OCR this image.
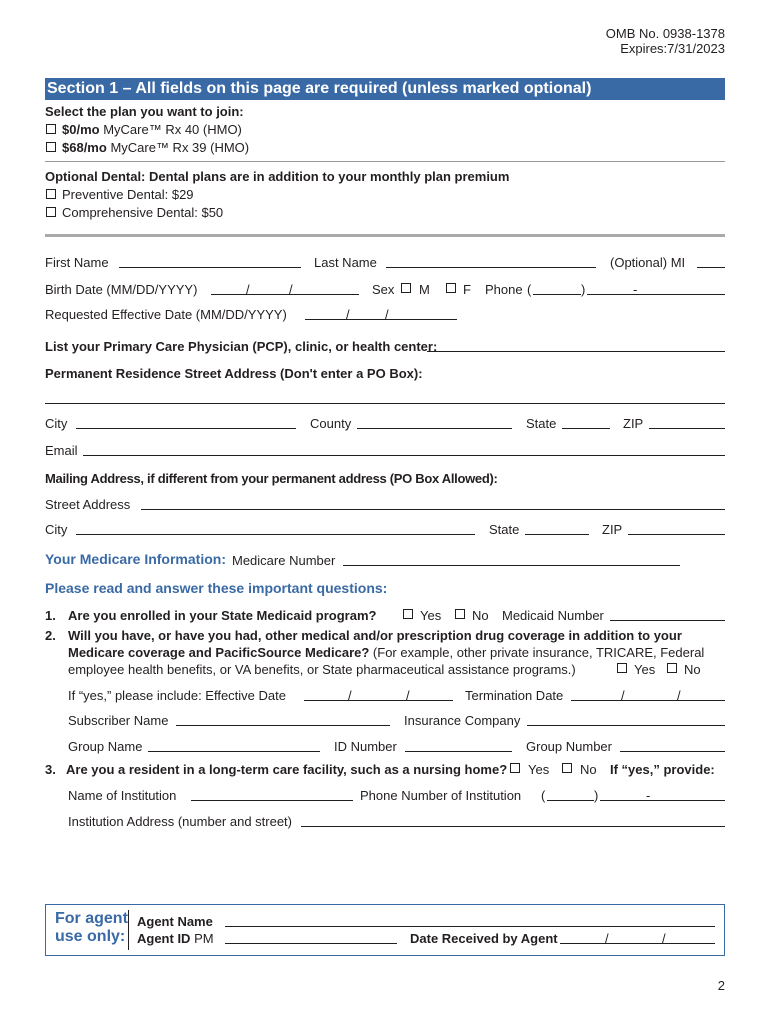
OMB No. 0938-1378
Expires:7/31/2023
Section 1 – All fields on this page are required (unless marked optional)
Select the plan you want to join:
$0/mo MyCare™ Rx 40 (HMO)
$68/mo MyCare™ Rx 39 (HMO)
Optional Dental: Dental plans are in addition to your monthly plan premium
Preventive Dental: $29
Comprehensive Dental: $50
First Name	Last Name	(Optional) MI
Birth Date (MM/DD/YYYY)	/	/	Sex M	F Phone (	)	-
Requested Effective Date (MM/DD/YYYY)	/	/
List your Primary Care Physician (PCP), clinic, or health center:
Permanent Residence Street Address (Don't enter a PO Box):
City	County	State	ZIP
Email
Mailing Address, if different from your permanent address (PO Box Allowed):
Street Address
City	State	ZIP
Your Medicare Information: Medicare Number
Please read and answer these important questions:
1. Are you enrolled in your State Medicaid program?	Yes No Medicaid Number
2. Will you have, or have you had, other medical and/or prescription drug coverage in addition to your
Medicare coverage and PacificSource Medicare? (For example, other private insurance, TRICARE, Federal
employee health benefits, or VA benefits, or State pharmaceutical assistance programs.)	Yes No
If “yes,” please include: Effective Date	/	/	Termination Date	/	/
Subscriber Name	Insurance Company
Group Name	ID Number	Group Number
3. Are you a resident in a long-term care facility, such as a nursing home? Yes No If “yes,” provide:
Name of Institution	Phone Number of Institution (	)	-
Institution Address (number and street)
For agent
use only:
Agent Name
Agent ID PM	Date Received by Agent	/	/
2
